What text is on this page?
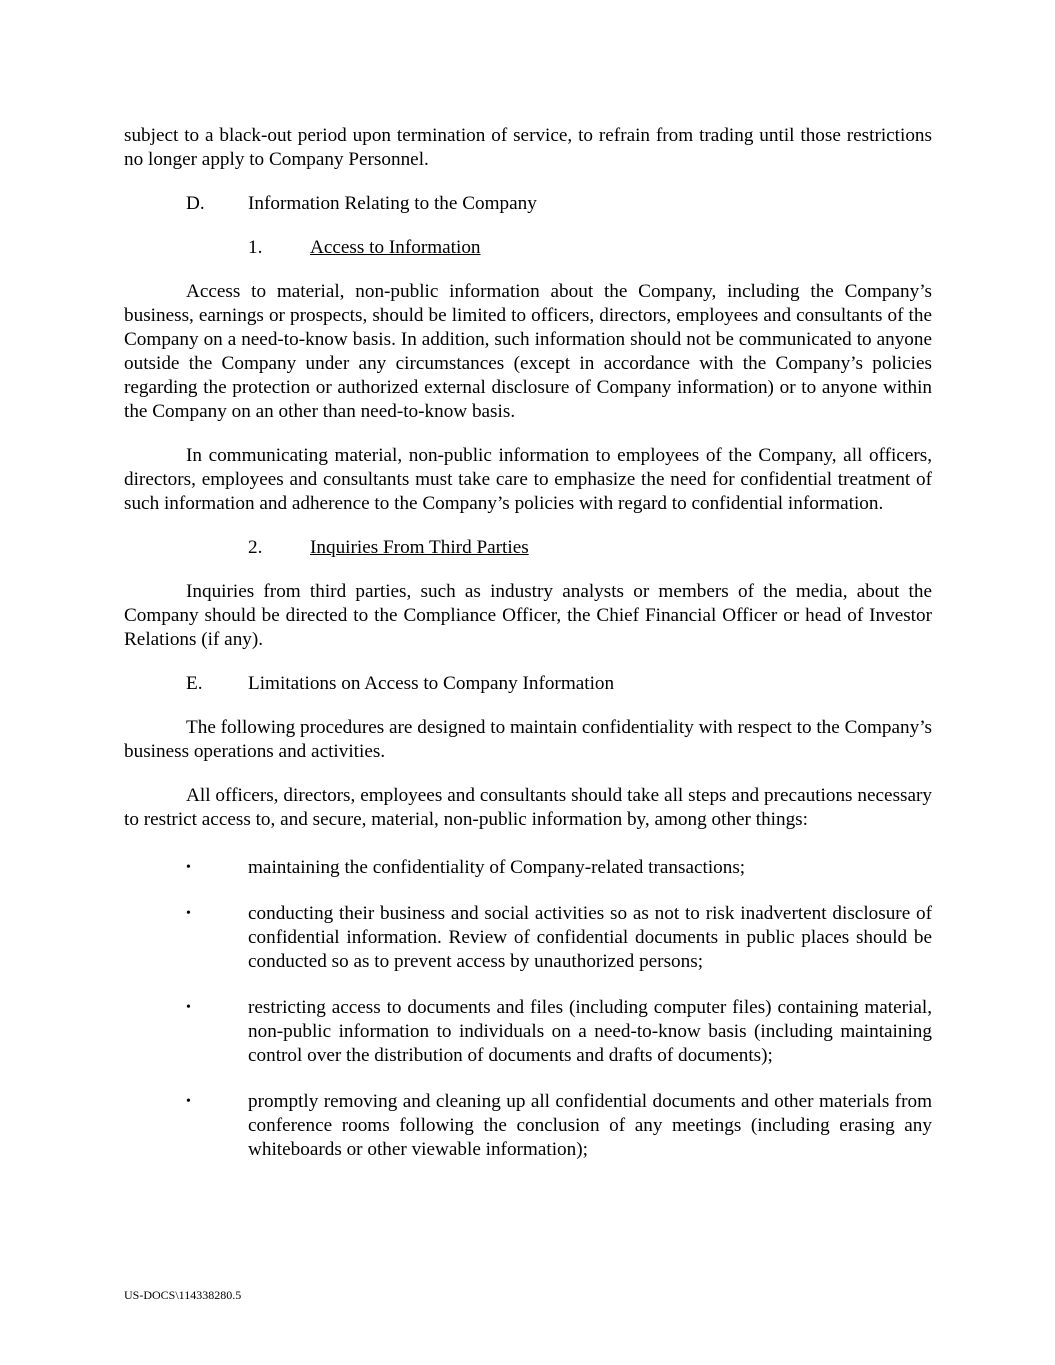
subject to a black-out period upon termination of service, to refrain from trading until those restrictions no longer apply to Company Personnel.

D.	Information Relating to the Company
1.	Access to Information

Access to material, non-public information about the Company, including the Company’s business, earnings or prospects, should be limited to officers, directors, employees and consultants of the Company on a need-to-know basis. In addition, such information should not be communicated to anyone outside the Company under any circumstances (except in accordance with the Company’s policies regarding the protection or authorized external disclosure of Company information) or to anyone within the Company on an other than need-to-know basis.

In communicating material, non-public information to employees of the Company, all officers, directors, employees and consultants must take care to emphasize the need for confidential treatment of such information and adherence to the Company’s policies with regard to confidential information.

2.	Inquiries From Third Parties

Inquiries from third parties, such as industry analysts or members of the media, about the Company should be directed to the Compliance Officer, the Chief Financial Officer or head of Investor Relations (if any).

E.	Limitations on Access to Company Information

The following procedures are designed to maintain confidentiality with respect to the Company’s business operations and activities.

All officers, directors, employees and consultants should take all steps and precautions necessary to restrict access to, and secure, material, non-public information by, among other things:

•	maintaining the confidentiality of Company-related transactions;
•	conducting their business and social activities so as not to risk inadvertent disclosure of confidential information. Review of confidential documents in public places should be conducted so as to prevent access by unauthorized persons;
•	restricting access to documents and files (including computer files) containing material, non-public information to individuals on a need-to-know basis (including maintaining control over the distribution of documents and drafts of documents);
•	promptly removing and cleaning up all confidential documents and other materials from conference rooms following the conclusion of any meetings (including erasing any whiteboards or other viewable information);
US-DOCS\114338280.5
